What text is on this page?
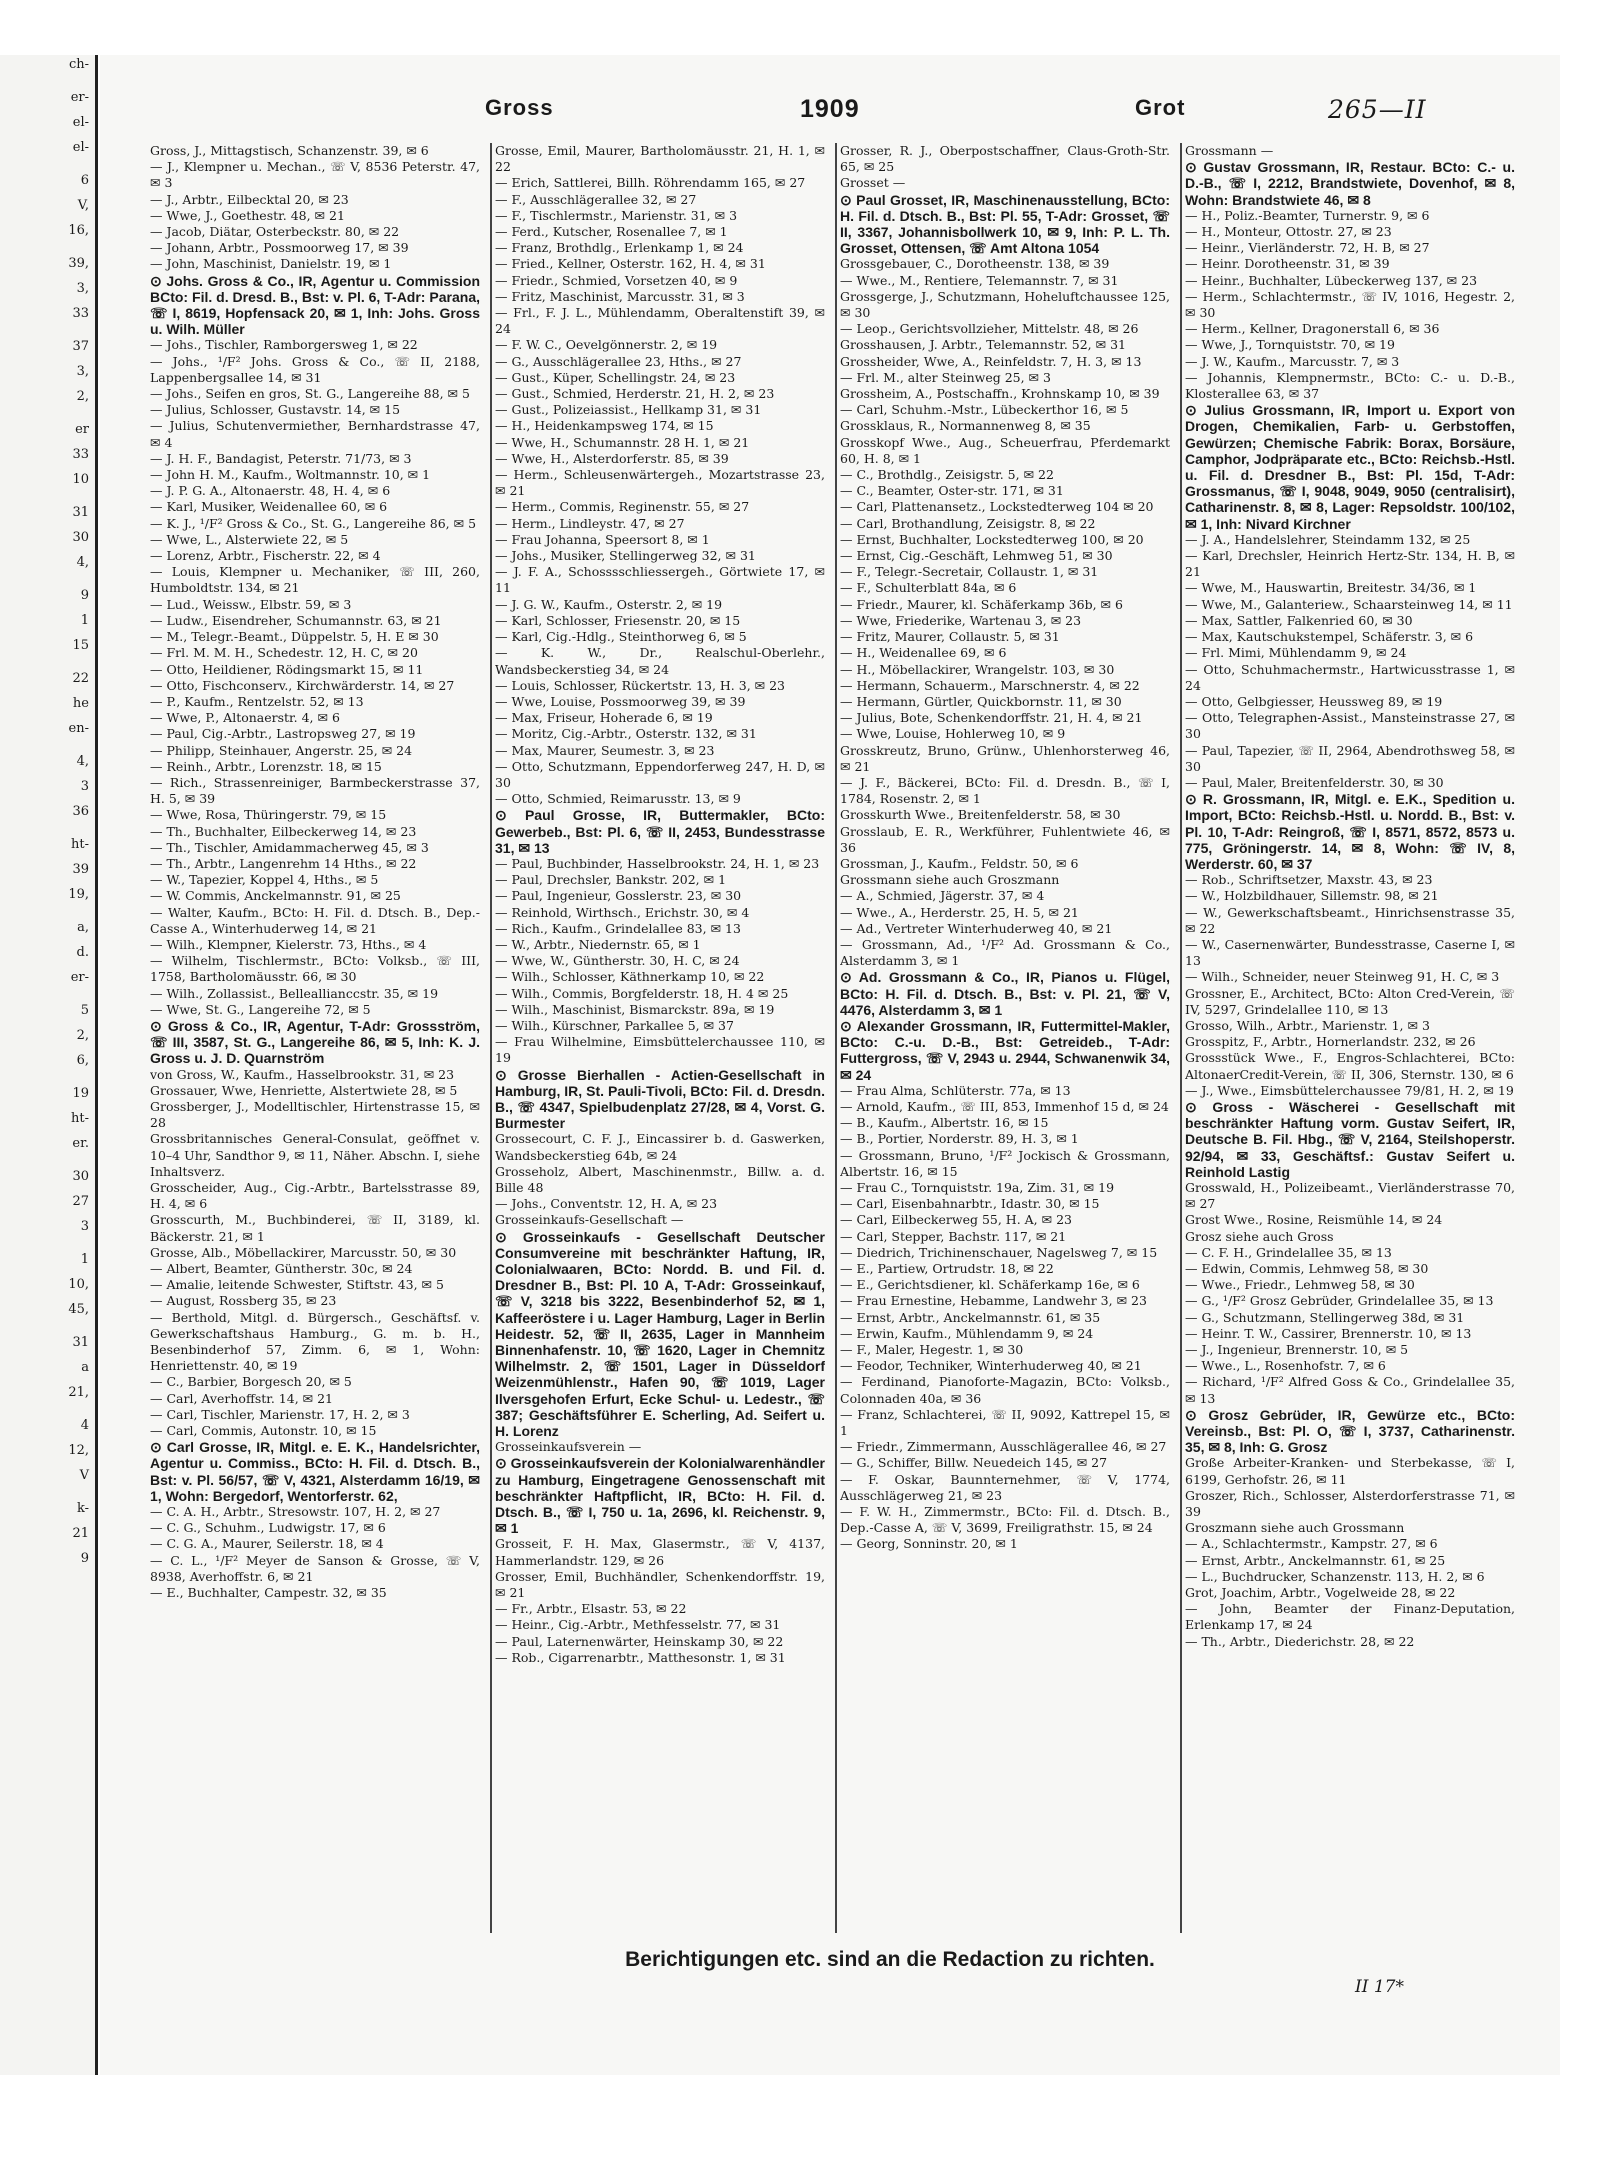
ch-
er-
el-
el-
6
V,
16,
39,
3,
33
37
3,
2,
er
33
10
31
30
4,
9
1
15
22
he
en-
4,
3
36
ht-
39
19,
a,
d.
er-
5
2,
6,
19
ht-
er.
30
27
3
1
10,
45,
31
a
21,
4
12,
V
k-
21
9
Gross	1909	Grot	265—II
Gross, J., Mittagstisch, Schanzenstr. 39, ✉ 6
— J., Klempner u. Mechan., ☏ V, 8536 Peterstr. 47, ✉ 3
— J., Arbtr., Eilbecktal 20, ✉ 23
— Wwe, J., Goethestr. 48, ✉ 21
— Jacob, Diätar, Osterbeckstr. 80, ✉ 22
— Johann, Arbtr., Possmoorweg 17, ✉ 39
— John, Maschinist, Danielstr. 19, ✉ 1
⊙ Johs. Gross & Co., IR, Agentur u. Commission BCto: Fil. d. Dresd. B., Bst: v. Pl. 6, T-Adr: Parana, ☏ I, 8619, Hopfensack 20, ✉ 1, Inh: Johs. Gross u. Wilh. Müller
— Johs., Tischler, Ramborgersweg 1, ✉ 22
— Johs., ¹/F² Johs. Gross & Co., ☏ II, 2188, Lappenbergsallee 14, ✉ 31
— Johs., Seifen en gros, St. G., Langereihe 88, ✉ 5
— Julius, Schlosser, Gustavstr. 14, ✉ 15
— Julius, Schutenvermiether, Bernhardstrasse 47, ✉ 4
— J. H. F., Bandagist, Peterstr. 71/73, ✉ 3
— John H. M., Kaufm., Woltmannstr. 10, ✉ 1
— J. P. G. A., Altonaerstr. 48, H. 4, ✉ 6
— Karl, Musiker, Weidenallee 60, ✉ 6
— K. J., ¹/F² Gross & Co., St. G., Langereihe 86, ✉ 5
— Wwe, L., Alsterwiete 22, ✉ 5
— Lorenz, Arbtr., Fischerstr. 22, ✉ 4
— Louis, Klempner u. Mechaniker, ☏ III, 260, Humboldtstr. 134, ✉ 21
— Lud., Weissw., Elbstr. 59, ✉ 3
— Ludw., Eisendreher, Schumannstr. 63, ✉ 21
— M., Telegr.-Beamt., Düppelstr. 5, H. E ✉ 30
— Frl. M. M. H., Schedestr. 12, H. C, ✉ 20
— Otto, Heildiener, Rödingsmarkt 15, ✉ 11
— Otto, Fischconserv., Kirchwärderstr. 14, ✉ 27
— P., Kaufm., Rentzelstr. 52, ✉ 13
— Wwe, P., Altonaerstr. 4, ✉ 6
— Paul, Cig.-Arbtr., Lastropsweg 27, ✉ 19
— Philipp, Steinhauer, Angerstr. 25, ✉ 24
— Reinh., Arbtr., Lorenzstr. 18, ✉ 15
— Rich., Strassenreiniger, Barmbeckerstrasse 37, H. 5, ✉ 39
— Wwe, Rosa, Thüringerstr. 79, ✉ 15
— Th., Buchhalter, Eilbeckerweg 14, ✉ 23
— Th., Tischler, Amidammacherweg 45, ✉ 3
— Th., Arbtr., Langenrehm 14 Hths., ✉ 22
— W., Tapezier, Koppel 4, Hths., ✉ 5
— W. Commis, Anckelmannstr. 91, ✉ 25
— Walter, Kaufm., BCto: H. Fil. d. Dtsch. B., Dep.-Casse A., Winterhuderweg 14, ✉ 21
— Wilh., Klempner, Kielerstr. 73, Hths., ✉ 4
— Wilhelm, Tischlermstr., BCto: Volksb., ☏ III, 1758, Bartholomäusstr. 66, ✉ 30
— Wilh., Zollassist., Belleallianccstr. 35, ✉ 19
— Wwe, St. G., Langereihe 72, ✉ 5
⊙ Gross & Co., IR, Agentur, T-Adr: Grossström, ☏ III, 3587, St. G., Langereihe 86, ✉ 5, Inh: K. J. Gross u. J. D. Quarnström
von Gross, W., Kaufm., Hasselbrookstr. 31, ✉ 23
Grossauer, Wwe, Henriette, Alstertwiete 28, ✉ 5
Grossberger, J., Modelltischler, Hirtenstrasse 15, ✉ 28
Grossbritannisches General-Consulat, geöffnet v. 10–4 Uhr, Sandthor 9, ✉ 11, Näher. Abschn. I, siehe Inhaltsverz.
Grosscheider, Aug., Cig.-Arbtr., Bartelsstrasse 89, H. 4, ✉ 6
Grosscurth, M., Buchbinderei, ☏ II, 3189, kl. Bäckerstr. 21, ✉ 1
Grosse, Alb., Möbellackirer, Marcusstr. 50, ✉ 30
— Albert, Beamter, Güntherstr. 30c, ✉ 24
— Amalie, leitende Schwester, Stiftstr. 43, ✉ 5
— August, Rossberg 35, ✉ 23
— Berthold, Mitgl. d. Bürgersch., Geschäftsf. v. Gewerkschaftshaus Hamburg., G. m. b. H., Besenbinderhof 57, Zimm. 6, ✉ 1, Wohn: Henriettenstr. 40, ✉ 19
— C., Barbier, Borgesch 20, ✉ 5
— Carl, Averhoffstr. 14, ✉ 21
— Carl, Tischler, Marienstr. 17, H. 2, ✉ 3
— Carl, Commis, Autonstr. 10, ✉ 15
⊙ Carl Grosse, IR, Mitgl. e. E. K., Handelsrichter, Agentur u. Commiss., BCto: H. Fil. d. Dtsch. B., Bst: v. Pl. 56/57, ☏ V, 4321, Alsterdamm 16/19, ✉ 1, Wohn: Bergedorf, Wentorferstr. 62,
— C. A. H., Arbtr., Stresowstr. 107, H. 2, ✉ 27
— C. G., Schuhm., Ludwigstr. 17, ✉ 6
— C. G. A., Maurer, Seilerstr. 18, ✉ 4
— C. L., ¹/F² Meyer de Sanson & Grosse, ☏ V, 8938, Averhoffstr. 6, ✉ 21
— E., Buchhalter, Campestr. 32, ✉ 35
Grosse, Emil, Maurer, Bartholomäusstr. 21, H. 1, ✉ 22
— Erich, Sattlerei, Billh. Röhrendamm 165, ✉ 27
— F., Ausschlägerallee 32, ✉ 27
— F., Tischlermstr., Marienstr. 31, ✉ 3
— Ferd., Kutscher, Rosenallee 7, ✉ 1
— Franz, Brothdlg., Erlenkamp 1, ✉ 24
— Fried., Kellner, Osterstr. 162, H. 4, ✉ 31
— Friedr., Schmied, Vorsetzen 40, ✉ 9
— Fritz, Maschinist, Marcusstr. 31, ✉ 3
— Frl., F. J. L., Mühlendamm, Oberaltenstift 39, ✉ 24
— F. W. C., Oevelgönnerstr. 2, ✉ 19
— G., Ausschlägerallee 23, Hths., ✉ 27
— Gust., Küper, Schellingstr. 24, ✉ 23
— Gust., Schmied, Herderstr. 21, H. 2, ✉ 23
— Gust., Polizeiassist., Hellkamp 31, ✉ 31
— H., Heidenkampsweg 174, ✉ 15
— Wwe, H., Schumannstr. 28 H. 1, ✉ 21
— Wwe, H., Alsterdorferstr. 85, ✉ 39
— Herm., Schleusenwärtergeh., Mozartstrasse 23, ✉ 21
— Herm., Commis, Reginenstr. 55, ✉ 27
— Herm., Lindleystr. 47, ✉ 27
— Frau Johanna, Speersort 8, ✉ 1
— Johs., Musiker, Stellingerweg 32, ✉ 31
— J. F. A., Schosssschliessergeh., Görtwiete 17, ✉ 11
— J. G. W., Kaufm., Osterstr. 2, ✉ 19
— Karl, Schlosser, Friesenstr. 20, ✉ 15
— Karl, Cig.-Hdlg., Steinthorweg 6, ✉ 5
— K. W., Dr., Realschul-Oberlehr., Wandsbeckerstieg 34, ✉ 24
— Louis, Schlosser, Rückertstr. 13, H. 3, ✉ 23
— Wwe, Louise, Possmoorweg 39, ✉ 39
— Max, Friseur, Hoherade 6, ✉ 19
— Moritz, Cig.-Arbtr., Osterstr. 132, ✉ 31
— Max, Maurer, Seumestr. 3, ✉ 23
— Otto, Schutzmann, Eppendorferweg 247, H. D, ✉ 30
— Otto, Schmied, Reimarusstr. 13, ✉ 9
⊙ Paul Grosse, IR, Buttermakler, BCto: Gewerbeb., Bst: Pl. 6, ☏ II, 2453, Bundesstrasse 31, ✉ 13
— Paul, Buchbinder, Hasselbrookstr. 24, H. 1, ✉ 23
— Paul, Drechsler, Bankstr. 202, ✉ 1
— Paul, Ingenieur, Gosslerstr. 23, ✉ 30
— Reinhold, Wirthsch., Erichstr. 30, ✉ 4
— Rich., Kaufm., Grindelallee 83, ✉ 13
— W., Arbtr., Niedernstr. 65, ✉ 1
— Wwe, W., Güntherstr. 30, H. C, ✉ 24
— Wilh., Schlosser, Käthnerkamp 10, ✉ 22
— Wilh., Commis, Borgfelderstr. 18, H. 4 ✉ 25
— Wilh., Maschinist, Bismarckstr. 89a, ✉ 19
— Wilh., Kürschner, Parkallee 5, ✉ 37
— Frau Wilhelmine, Eimsbüttelerchaussee 110, ✉ 19
⊙ Grosse Bierhallen - Actien-Gesellschaft in Hamburg, IR, St. Pauli-Tivoli, BCto: Fil. d. Dresdn. B., ☏ 4347, Spielbudenplatz 27/28, ✉ 4, Vorst. G. Burmester
Grossecourt, C. F. J., Eincassirer b. d. Gaswerken, Wandsbeckerstieg 64b, ✉ 24
Grosseholz, Albert, Maschinenmstr., Billw. a. d. Bille 48
— Johs., Conventstr. 12, H. A, ✉ 23
Grosseinkaufs-Gesellschaft —
⊙ Grosseinkaufs - Gesellschaft Deutscher Consumvereine mit beschränkter Haftung, IR, Colonialwaaren, BCto: Nordd. B. und Fil. d. Dresdner B., Bst: Pl. 10 A, T-Adr: Grosseinkauf, ☏ V, 3218 bis 3222, Besenbinderhof 52, ✉ 1, Kaffeeröstere i u. Lager Hamburg, Lager in Berlin Heidestr. 52, ☏ II, 2635, Lager in Mannheim Binnenhafenstr. 10, ☏ 1620, Lager in Chemnitz Wilhelmstr. 2, ☏ 1501, Lager in Düsseldorf Weizenmühlenstr., Hafen 90, ☏ 1019, Lager Ilversgehofen Erfurt, Ecke Schul- u. Ledestr., ☏ 387; Geschäftsführer E. Scherling, Ad. Seifert u. H. Lorenz
Grosseinkaufsverein —
⊙ Grosseinkaufsverein der Kolonialwarenhändler zu Hamburg, Eingetragene Genossenschaft mit beschränkter Haftpflicht, IR, BCto: H. Fil. d. Dtsch. B., ☏ I, 750 u. 1a, 2696, kl. Reichenstr. 9, ✉ 1
Grosseit, F. H. Max, Glasermstr., ☏ V, 4137, Hammerlandstr. 129, ✉ 26
Grosser, Emil, Buchhändler, Schenkendorffstr. 19, ✉ 21
— Fr., Arbtr., Elsastr. 53, ✉ 22
— Heinr., Cig.-Arbtr., Methfesselstr. 77, ✉ 31
— Paul, Laternenwärter, Heinskamp 30, ✉ 22
— Rob., Cigarrenarbtr., Matthesonstr. 1, ✉ 31
Grosser, R. J., Oberpostschaffner, Claus-Groth-Str. 65, ✉ 25
Grosset —
⊙ Paul Grosset, IR, Maschinenausstellung, BCto: H. Fil. d. Dtsch. B., Bst: Pl. 55, T-Adr: Grosset, ☏ II, 3367, Johannisbollwerk 10, ✉ 9, Inh: P. L. Th. Grosset, Ottensen, ☏ Amt Altona 1054
Grossgebauer, C., Dorotheenstr. 138, ✉ 39
— Wwe., M., Rentiere, Telemannstr. 7, ✉ 31
Grossgerge, J., Schutzmann, Hoheluftchaussee 125, ✉ 30
— Leop., Gerichtsvollzieher, Mittelstr. 48, ✉ 26
Grosshausen, J. Arbtr., Telemannstr. 52, ✉ 31
Grossheider, Wwe, A., Reinfeldstr. 7, H. 3, ✉ 13
— Frl. M., alter Steinweg 25, ✉ 3
Grossheim, A., Postschaffn., Krohnskamp 10, ✉ 39
— Carl, Schuhm.-Mstr., Lübeckerthor 16, ✉ 5
Grossklaus, R., Normannenweg 8, ✉ 35
Grosskopf Wwe., Aug., Scheuerfrau, Pferdemarkt 60, H. 8, ✉ 1
— C., Brothdlg., Zeisigstr. 5, ✉ 22
— C., Beamter, Oster-str. 171, ✉ 31
— Carl, Plattenansetz., Lockstedterweg 104 ✉ 20
— Carl, Brothandlung, Zeisigstr. 8, ✉ 22
— Ernst, Buchhalter, Lockstedterweg 100, ✉ 20
— Ernst, Cig.-Geschäft, Lehmweg 51, ✉ 30
— F., Telegr.-Secretair, Collaustr. 1, ✉ 31
— F., Schulterblatt 84a, ✉ 6
— Friedr., Maurer, kl. Schäferkamp 36b, ✉ 6
— Wwe, Friederike, Wartenau 3, ✉ 23
— Fritz, Maurer, Collaustr. 5, ✉ 31
— H., Weidenallee 69, ✉ 6
— H., Möbellackirer, Wrangelstr. 103, ✉ 30
— Hermann, Schauerm., Marschnerstr. 4, ✉ 22
— Hermann, Gürtler, Quickbornstr. 11, ✉ 30
— Julius, Bote, Schenkendorffstr. 21, H. 4, ✉ 21
— Wwe, Louise, Hohlerweg 10, ✉ 9
Grosskreutz, Bruno, Grünw., Uhlenhorsterweg 46, ✉ 21
— J. F., Bäckerei, BCto: Fil. d. Dresdn. B., ☏ I, 1784, Rosenstr. 2, ✉ 1
Grosskurth Wwe., Breitenfelderstr. 58, ✉ 30
Grosslaub, E. R., Werkführer, Fuhlentwiete 46, ✉ 36
Grossman, J., Kaufm., Feldstr. 50, ✉ 6
Grossmann siehe auch Groszmann
— A., Schmied, Jägerstr. 37, ✉ 4
— Wwe., A., Herderstr. 25, H. 5, ✉ 21
— Ad., Vertreter Winterhuderweg 40, ✉ 21
— Grossmann, Ad., ¹/F² Ad. Grossmann & Co., Alsterdamm 3, ✉ 1
⊙ Ad. Grossmann & Co., IR, Pianos u. Flügel, BCto: H. Fil. d. Dtsch. B., Bst: v. Pl. 21, ☏ V, 4476, Alsterdamm 3, ✉ 1
⊙ Alexander Grossmann, IR, Futtermittel-Makler, BCto: C.-u. D.-B., Bst: Getreideb., T-Adr: Futtergross, ☏ V, 2943 u. 2944, Schwanenwik 34, ✉ 24
— Frau Alma, Schlüterstr. 77a, ✉ 13
— Arnold, Kaufm., ☏ III, 853, Immenhof 15 d, ✉ 24
— B., Kaufm., Albertstr. 16, ✉ 15
— B., Portier, Norderstr. 89, H. 3, ✉ 1
— Grossmann, Bruno, ¹/F² Jockisch & Grossmann, Albertstr. 16, ✉ 15
— Frau C., Tornquiststr. 19a, Zim. 31, ✉ 19
— Carl, Eisenbahnarbtr., Idastr. 30, ✉ 15
— Carl, Eilbeckerweg 55, H. A, ✉ 23
— Carl, Stepper, Bachstr. 117, ✉ 21
— Diedrich, Trichinenschauer, Nagelsweg 7, ✉ 15
— E., Partiew, Ortrudstr. 18, ✉ 22
— E., Gerichtsdiener, kl. Schäferkamp 16e, ✉ 6
— Frau Ernestine, Hebamme, Landwehr 3, ✉ 23
— Ernst, Arbtr., Anckelmannstr. 61, ✉ 35
— Erwin, Kaufm., Mühlendamm 9, ✉ 24
— F., Maler, Hegestr. 1, ✉ 30
— Feodor, Techniker, Winterhuderweg 40, ✉ 21
— Ferdinand, Pianoforte-Magazin, BCto: Volksb., Colonnaden 40a, ✉ 36
— Franz, Schlachterei, ☏ II, 9092, Kattrepel 15, ✉ 1
— Friedr., Zimmermann, Ausschlägerallee 46, ✉ 27
— G., Schiffer, Billw. Neuedeich 145, ✉ 27
— F. Oskar, Baunnternehmer, ☏ V, 1774, Ausschlägerweg 21, ✉ 23
— F. W. H., Zimmermstr., BCto: Fil. d. Dtsch. B., Dep.-Casse A, ☏ V, 3699, Freiligrathstr. 15, ✉ 24
— Georg, Sonninstr. 20, ✉ 1
Grossmann —
⊙ Gustav Grossmann, IR, Restaur. BCto: C.- u. D.-B., ☏ I, 2212, Brandstwiete, Dovenhof, ✉ 8, Wohn: Brandstwiete 46, ✉ 8
— H., Poliz.-Beamter, Turnerstr. 9, ✉ 6
— H., Monteur, Ottostr. 27, ✉ 23
— Heinr., Vierländerstr. 72, H. B, ✉ 27
— Heinr. Dorotheenstr. 31, ✉ 39
— Heinr., Buchhalter, Lübeckerweg 137, ✉ 23
— Herm., Schlachtermstr., ☏ IV, 1016, Hegestr. 2, ✉ 30
— Herm., Kellner, Dragonerstall 6, ✉ 36
— Wwe, J., Tornquiststr. 70, ✉ 19
— J. W., Kaufm., Marcusstr. 7, ✉ 3
— Johannis, Klempnermstr., BCto: C.- u. D.-B., Klosterallee 63, ✉ 37
⊙ Julius Grossmann, IR, Import u. Export von Drogen, Chemikalien, Farb- u. Gerbstoffen, Gewürzen; Chemische Fabrik: Borax, Borsäure, Camphor, Jodpräparate etc., BCto: Reichsb.-Hstl. u. Fil. d. Dresdner B., Bst: Pl. 15d, T-Adr: Grossmanus, ☏ I, 9048, 9049, 9050 (centralisirt), Catharinenstr. 8, ✉ 8, Lager: Repsoldstr. 100/102, ✉ 1, Inh: Nivard Kirchner
— J. A., Handelslehrer, Steindamm 132, ✉ 25
— Karl, Drechsler, Heinrich Hertz-Str. 134, H. B, ✉ 21
— Wwe, M., Hauswartin, Breitestr. 34/36, ✉ 1
— Wwe, M., Galanteriew., Schaarsteinweg 14, ✉ 11
— Max, Sattler, Falkenried 60, ✉ 30
— Max, Kautschukstempel, Schäferstr. 3, ✉ 6
— Frl. Mimi, Mühlendamm 9, ✉ 24
— Otto, Schuhmachermstr., Hartwicusstrasse 1, ✉ 24
— Otto, Gelbgiesser, Heussweg 89, ✉ 19
— Otto, Telegraphen-Assist., Mansteinstrasse 27, ✉ 30
— Paul, Tapezier, ☏ II, 2964, Abendrothsweg 58, ✉ 30
— Paul, Maler, Breitenfelderstr. 30, ✉ 30
⊙ R. Grossmann, IR, Mitgl. e. E.K., Spedition u. Import, BCto: Reichsb.-Hstl. u. Nordd. B., Bst: v. Pl. 10, T-Adr: Reingroß, ☏ I, 8571, 8572, 8573 u. 775, Gröningerstr. 14, ✉ 8, Wohn: ☏ IV, 8, Werderstr. 60, ✉ 37
— Rob., Schriftsetzer, Maxstr. 43, ✉ 23
— W., Holzbildhauer, Sillemstr. 98, ✉ 21
— W., Gewerkschaftsbeamt., Hinrichsenstrasse 35, ✉ 22
— W., Casernenwärter, Bundesstrasse, Caserne I, ✉ 13
— Wilh., Schneider, neuer Steinweg 91, H. C, ✉ 3
Grossner, E., Architect, BCto: Alton Cred-Verein, ☏ IV, 5297, Grindelallee 110, ✉ 13
Grosso, Wilh., Arbtr., Marienstr. 1, ✉ 3
Grosspitz, F., Arbtr., Hornerlandstr. 232, ✉ 26
Grossstück Wwe., F., Engros-Schlachterei, BCto: AltonaerCredit-Verein, ☏ II, 306, Sternstr. 130, ✉ 6
— J., Wwe., Eimsbüttelerchaussee 79/81, H. 2, ✉ 19
⊙ Gross - Wäscherei - Gesellschaft mit beschränkter Haftung vorm. Gustav Seifert, IR, Deutsche B. Fil. Hbg., ☏ V, 2164, Steilshoperstr. 92/94, ✉ 33, Geschäftsf.: Gustav Seifert u. Reinhold Lastig
Grosswald, H., Polizeibeamt., Vierländerstrasse 70, ✉ 27
Grost Wwe., Rosine, Reismühle 14, ✉ 24
Grosz siehe auch Gross
— C. F. H., Grindelallee 35, ✉ 13
— Edwin, Commis, Lehmweg 58, ✉ 30
— Wwe., Friedr., Lehmweg 58, ✉ 30
— G., ¹/F² Grosz Gebrüder, Grindelallee 35, ✉ 13
— G., Schutzmann, Stellingerweg 38d, ✉ 31
— Heinr. T. W., Cassirer, Brennerstr. 10, ✉ 13
— J., Ingenieur, Brennerstr. 10, ✉ 5
— Wwe., L., Rosenhofstr. 7, ✉ 6
— Richard, ¹/F² Alfred Goss & Co., Grindelallee 35, ✉ 13
⊙ Grosz Gebrüder, IR, Gewürze etc., BCto: Vereinsb., Bst: Pl. O, ☏ I, 3737, Catharinenstr. 35, ✉ 8, Inh: G. Grosz
Große Arbeiter-Kranken- und Sterbekasse, ☏ I, 6199, Gerhofstr. 26, ✉ 11
Groszer, Rich., Schlosser, Alsterdorferstrasse 71, ✉ 39
Groszmann siehe auch Grossmann
— A., Schlachtermstr., Kampstr. 27, ✉ 6
— Ernst, Arbtr., Anckelmannstr. 61, ✉ 25
— L., Buchdrucker, Schanzenstr. 113, H. 2, ✉ 6
Grot, Joachim, Arbtr., Vogelweide 28, ✉ 22
— John, Beamter der Finanz-Deputation, Erlenkamp 17, ✉ 24
— Th., Arbtr., Diederichstr. 28, ✉ 22
Berichtigungen etc. sind an die Redaction zu richten.
II 17*
